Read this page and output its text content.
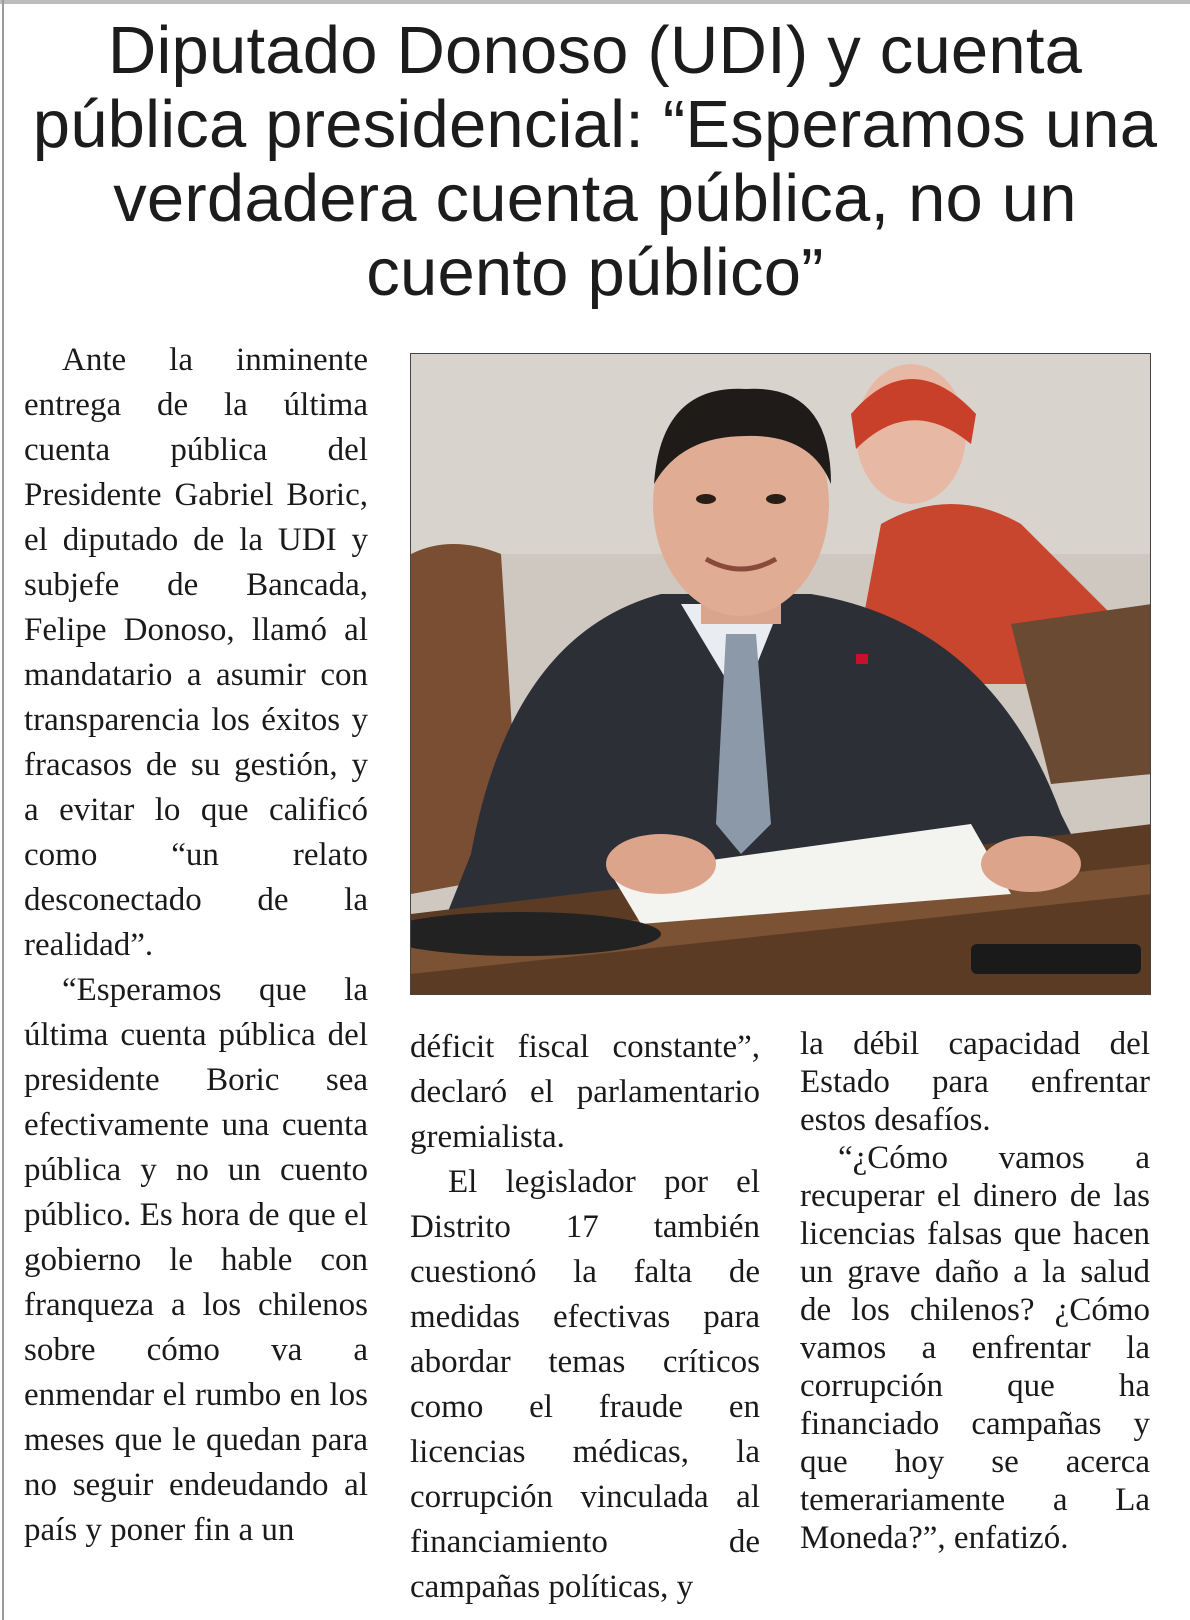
Diputado Donoso (UDI) y cuenta pública presidencial: “Esperamos una verdadera cuenta pública, no un cuento público”

Ante la inminente entrega de la última cuenta pública del Presidente Gabriel Boric, el diputado de la UDI y subjefe de Bancada, Felipe Donoso, llamó al mandatario a asumir con transparencia los éxitos y fracasos de su gestión, y a evitar lo que calificó como “un relato desconectado de la realidad”.

“Esperamos que la última cuenta pública del presidente Boric sea efectivamente una cuenta pública y no un cuento público. Es hora de que el gobierno le hable con franqueza a los chilenos sobre cómo va a enmendar el rumbo en los meses que le quedan para no seguir endeudando al país y poner fin a un

déficit fiscal constante”, declaró el parlamentario gremialista.

El legislador por el Distrito 17 también cuestionó la falta de medidas efectivas para abordar temas críticos como el fraude en licencias médicas, la corrupción vinculada al financiamiento de campañas políticas, y

la débil capacidad del Estado para enfrentar estos desafíos.

“¿Cómo vamos a recuperar el dinero de las licencias falsas que hacen un grave daño a la salud de los chilenos? ¿Cómo vamos a enfrentar la corrupción que ha financiado campañas y que hoy se acerca temerariamente a La Moneda?”, enfatizó.
